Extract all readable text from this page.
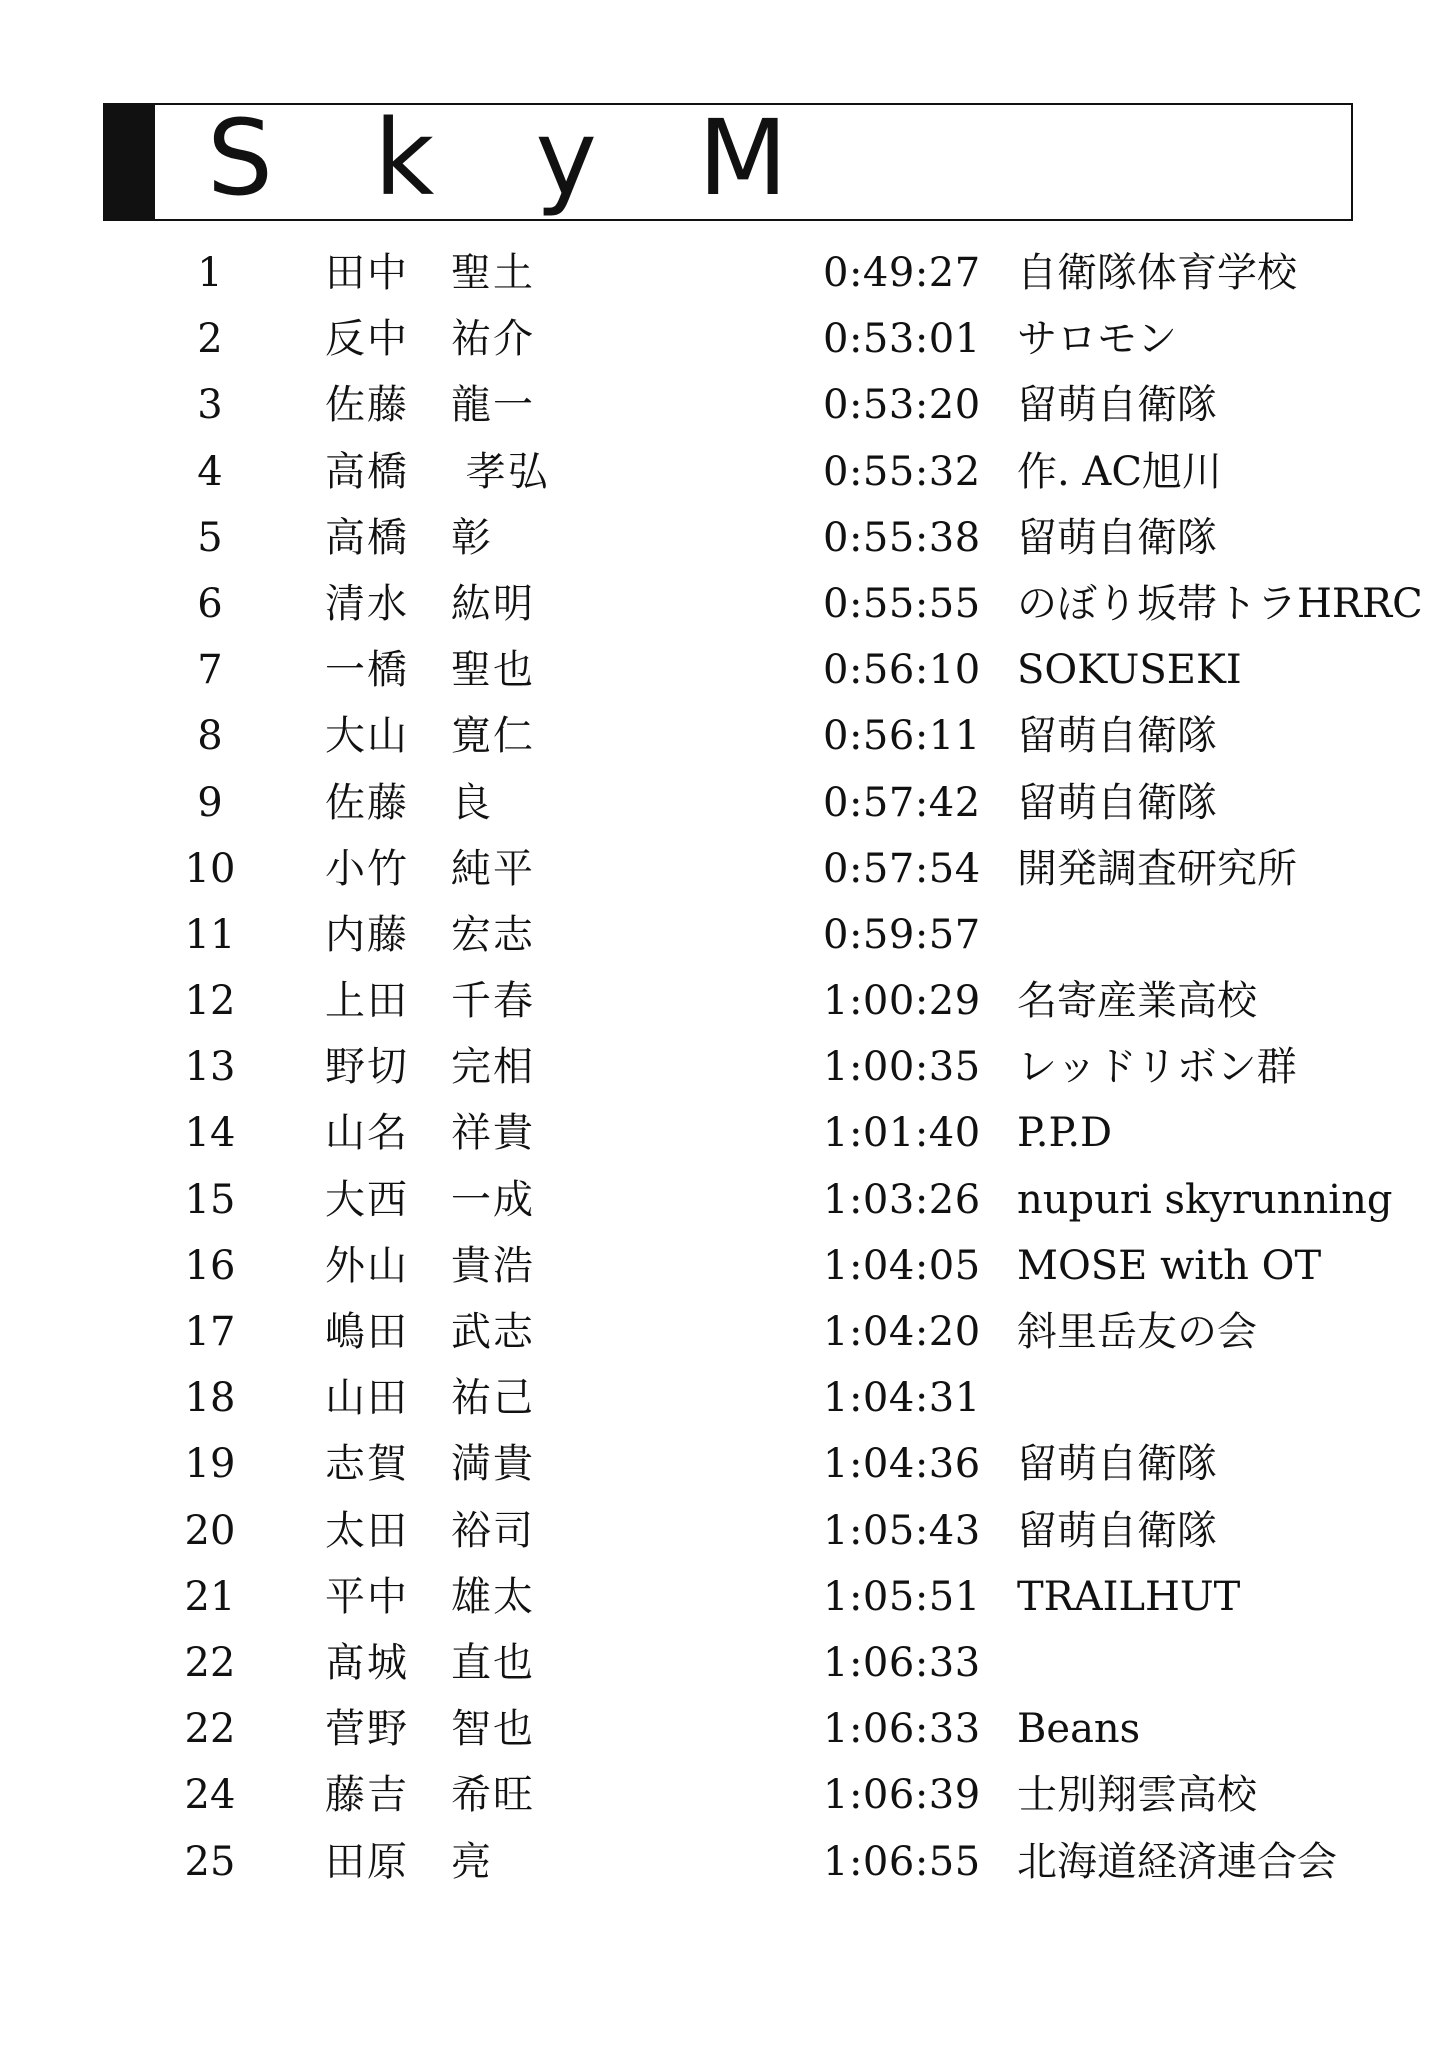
S k y M
1	田中　聖土	0:49:27 自衛隊体育学校
2	反中　祐介	0:53:01 サロモン
3	佐藤　龍一	0:53:20 留萌自衛隊
4	高橋　 孝弘	0:55:32 作. AC旭川
5	高橋　彰	0:55:38 留萌自衛隊
6	清水　紘明	0:55:55 のぼり坂帯トラHRRC
7	一橋　聖也	0:56:10 SOKUSEKI
8	大山　寛仁	0:56:11 留萌自衛隊
9	佐藤　良	0:57:42 留萌自衛隊
10 小竹　純平	0:57:54 開発調査研究所
11 内藤　宏志	0:59:57
12 上田　千春	1:00:29 名寄産業高校
13 野切　完相	1:00:35 レッドリボン群
14 山名　祥貴	1:01:40 P.P.D
15 大西　一成	1:03:26 nupuri skyrunning
16 外山　貴浩	1:04:05 MOSE with OT
17 嶋田　武志	1:04:20 斜里岳友の会
18 山田　祐己	1:04:31
19 志賀　満貴	1:04:36 留萌自衛隊
20 太田　裕司	1:05:43 留萌自衛隊
21 平中　雄太	1:05:51 TRAILHUT
22 髙城　直也	1:06:33
22 菅野　智也	1:06:33 Beans
24 藤吉　希旺	1:06:39 士別翔雲高校
25 田原　亮	1:06:55 北海道経済連合会
